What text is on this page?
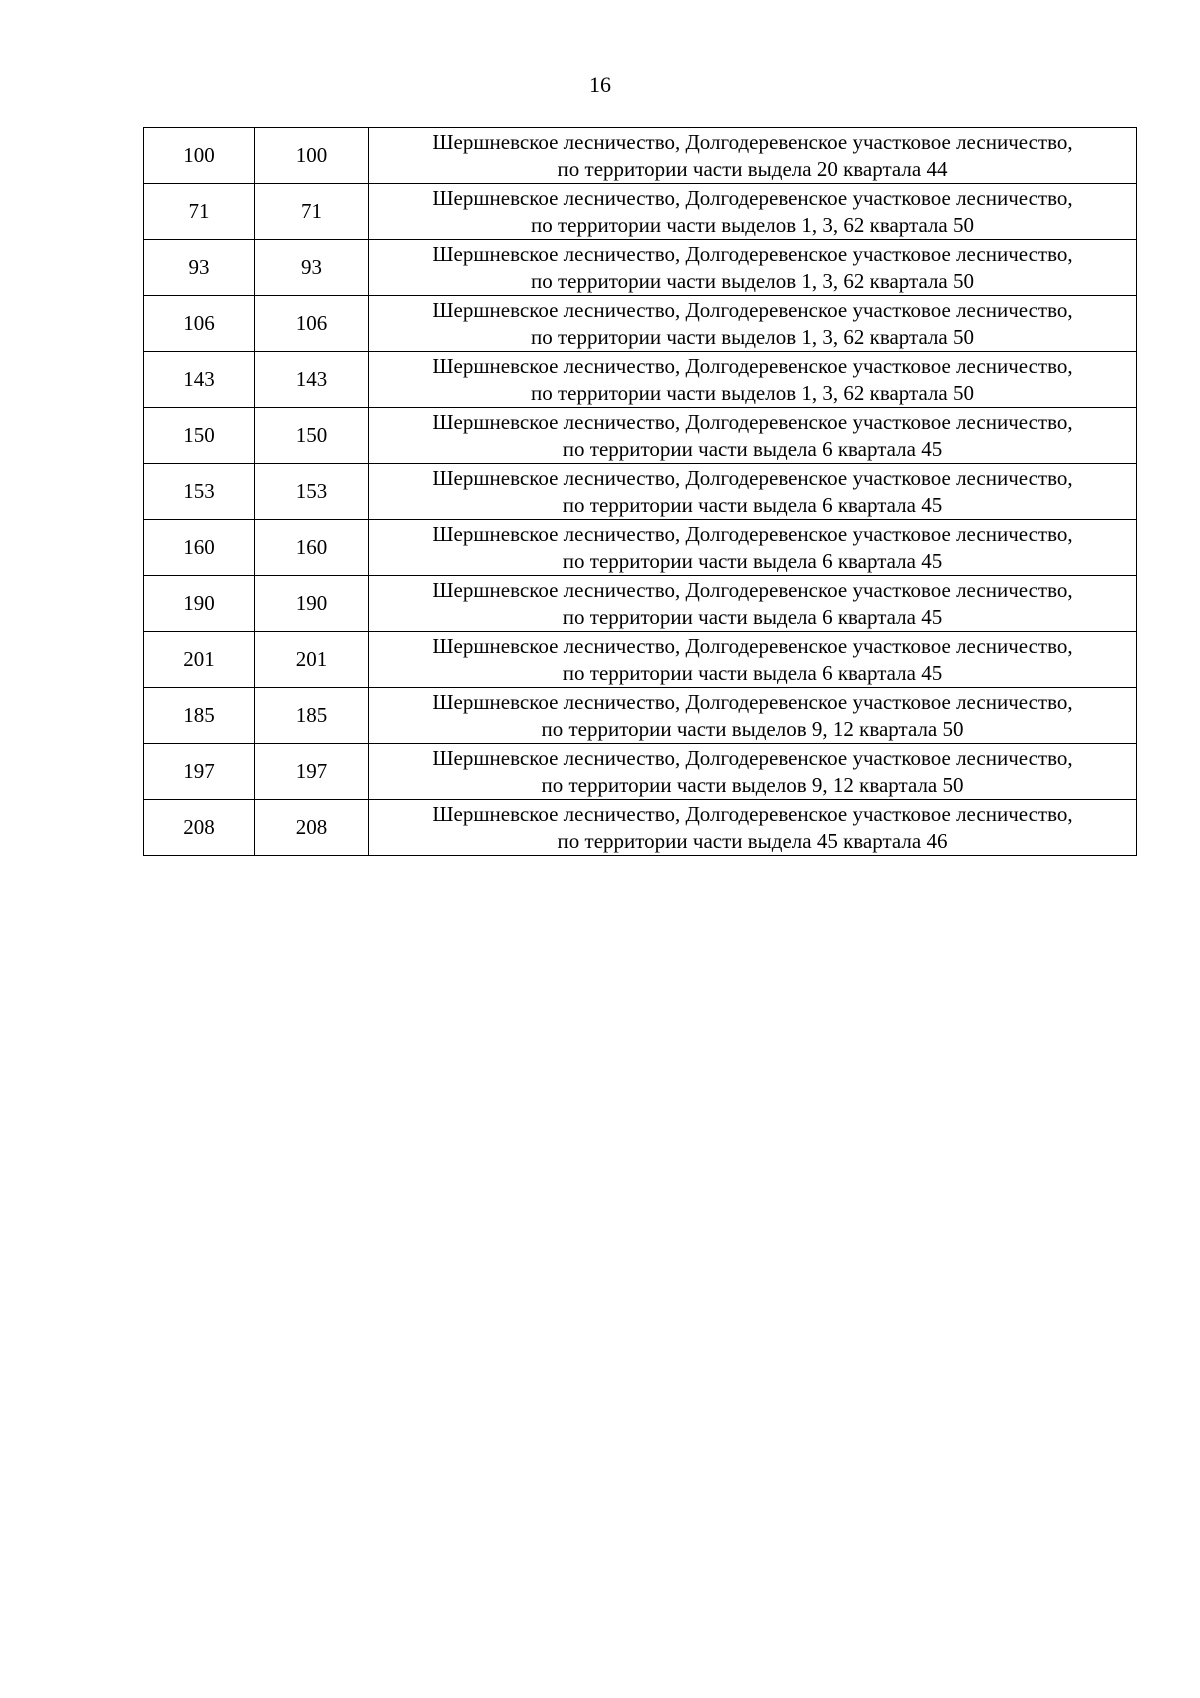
16
100	100	Шершневское лесничество, Долгодеревенское участковое лесничество,
по территории части выдела 20 квартала 44

71	71	Шершневское лесничество, Долгодеревенское участковое лесничество,
по территории части выделов 1, 3, 62 квартала 50

93	93	Шершневское лесничество, Долгодеревенское участковое лесничество,
по территории части выделов 1, 3, 62 квартала 50

106	106	Шершневское лесничество, Долгодеревенское участковое лесничество,
по территории части выделов 1, 3, 62 квартала 50

143	143	Шершневское лесничество, Долгодеревенское участковое лесничество,
по территории части выделов 1, 3, 62 квартала 50

150	150	Шершневское лесничество, Долгодеревенское участковое лесничество,
по территории части выдела 6 квартала 45

153	153	Шершневское лесничество, Долгодеревенское участковое лесничество,
по территории части выдела 6 квартала 45

160	160	Шершневское лесничество, Долгодеревенское участковое лесничество,
по территории части выдела 6 квартала 45

190	190	Шершневское лесничество, Долгодеревенское участковое лесничество,
по территории части выдела 6 квартала 45

201	201	Шершневское лесничество, Долгодеревенское участковое лесничество,
по территории части выдела 6 квартала 45

185	185	Шершневское лесничество, Долгодеревенское участковое лесничество,
по территории части выделов 9, 12 квартала 50

197	197	Шершневское лесничество, Долгодеревенское участковое лесничество,
по территории части выделов 9, 12 квартала 50

208	208	Шершневское лесничество, Долгодеревенское участковое лесничество,
по территории части выдела 45 квартала 46
